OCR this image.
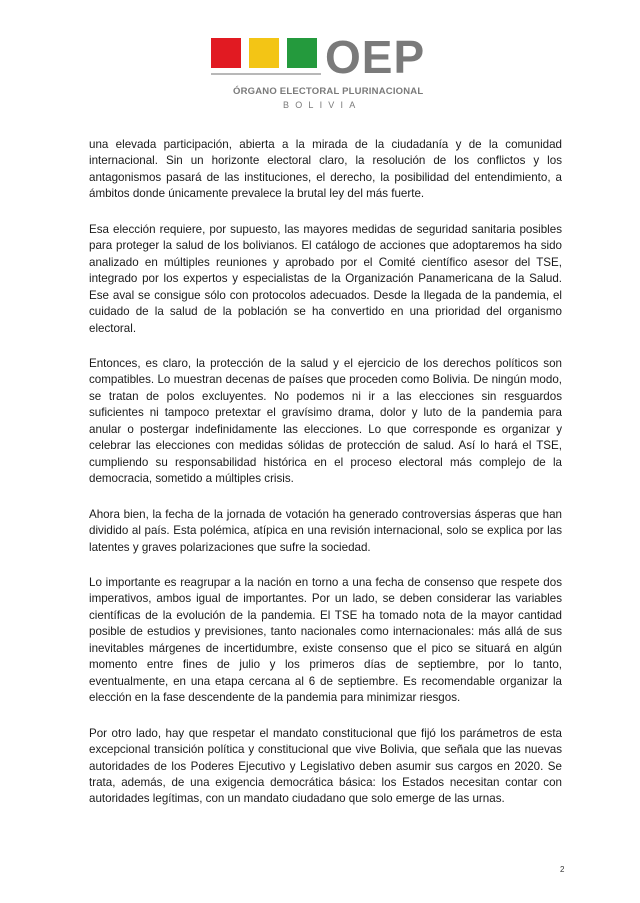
OEP
ÓRGANO ELECTORAL PLURINACIONAL
BOLIVIA

una elevada participación, abierta a la mirada de la ciudadanía y de la comunidad internacional. Sin un horizonte electoral claro, la resolución de los conflictos y los antagonismos pasará de las instituciones, el derecho, la posibilidad del entendimiento, a ámbitos donde únicamente prevalece la brutal ley del más fuerte.

Esa elección requiere, por supuesto, las mayores medidas de seguridad sanitaria posibles para proteger la salud de los bolivianos. El catálogo de acciones que adoptaremos ha sido analizado en múltiples reuniones y aprobado por el Comité científico asesor del TSE, integrado por los expertos y especialistas de la Organización Panamericana de la Salud. Ese aval se consigue sólo con protocolos adecuados. Desde la llegada de la pandemia, el cuidado de la salud de la población se ha convertido en una prioridad del organismo electoral.

Entonces, es claro, la protección de la salud y el ejercicio de los derechos políticos son compatibles. Lo muestran decenas de países que proceden como Bolivia. De ningún modo, se tratan de polos excluyentes. No podemos ni ir a las elecciones sin resguardos suficientes ni tampoco pretextar el gravísimo drama, dolor y luto de la pandemia para anular o postergar indefinidamente las elecciones. Lo que corresponde es organizar y celebrar las elecciones con medidas sólidas de protección de salud. Así lo hará el TSE, cumpliendo su responsabilidad histórica en el proceso electoral más complejo de la democracia, sometido a múltiples crisis.

Ahora bien, la fecha de la jornada de votación ha generado controversias ásperas que han dividido al país. Esta polémica, atípica en una revisión internacional, solo se explica por las latentes y graves polarizaciones que sufre la sociedad.

Lo importante es reagrupar a la nación en torno a una fecha de consenso que respete dos imperativos, ambos igual de importantes. Por un lado, se deben considerar las variables científicas de la evolución de la pandemia. El TSE ha tomado nota de la mayor cantidad posible de estudios y previsiones, tanto nacionales como internacionales: más allá de sus inevitables márgenes de incertidumbre, existe consenso que el pico se situará en algún momento entre fines de julio y los primeros días de septiembre, por lo tanto, eventualmente, en una etapa cercana al 6 de septiembre. Es recomendable organizar la elección en la fase descendente de la pandemia para minimizar riesgos.

Por otro lado, hay que respetar el mandato constitucional que fijó los parámetros de esta excepcional transición política y constitucional que vive Bolivia, que señala que las nuevas autoridades de los Poderes Ejecutivo y Legislativo deben asumir sus cargos en 2020. Se trata, además, de una exigencia democrática básica: los Estados necesitan contar con autoridades legítimas, con un mandato ciudadano que solo emerge de las urnas.

2
